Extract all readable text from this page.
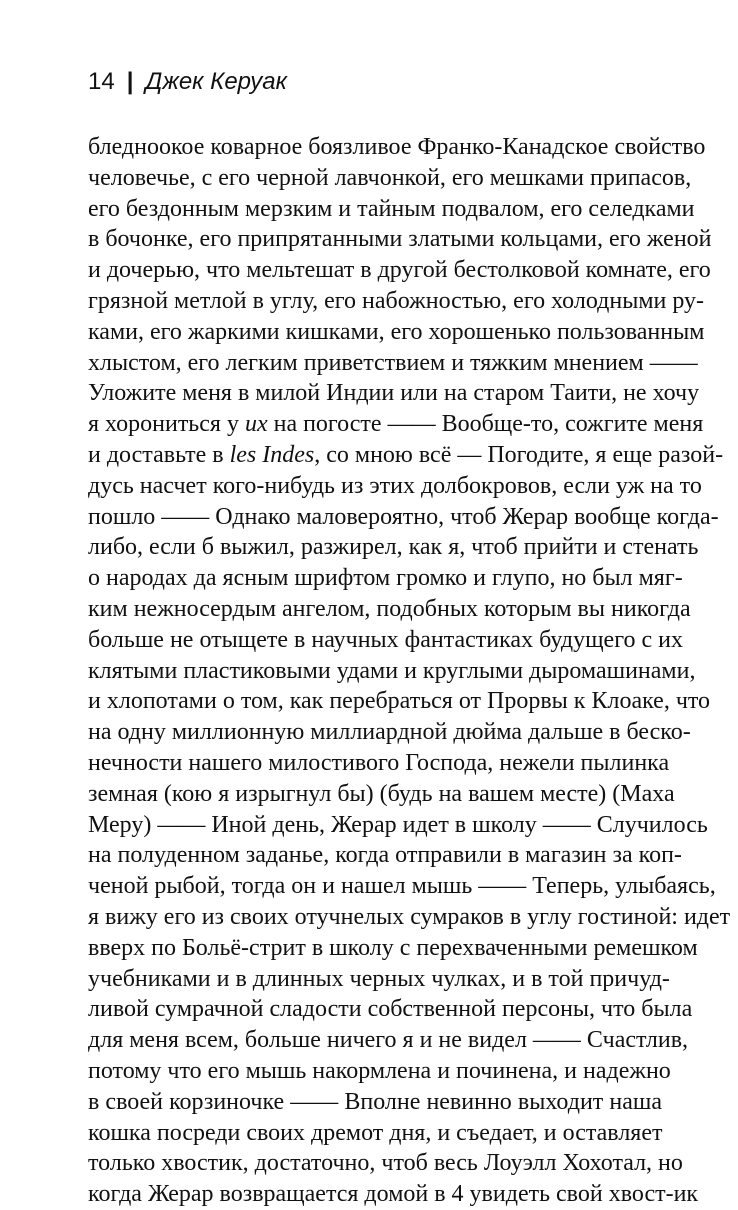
14 | Джек Керуак
бледноокое коварное боязливое Франко-Канадское свойство
человечье, с его черной лавчонкой, его мешками припасов,
его бездонным мерзким и тайным подвалом, его селедками
в бочонке, его припрятанными златыми кольцами, его женой
и дочерью, что мельтешат в другой бестолковой комнате, его
грязной метлой в углу, его набожностью, его холодными ру-
ками, его жаркими кишками, его хорошенько пользованным
хлыстом, его легким приветствием и тяжким мнением ——
Уложите меня в милой Индии или на старом Таити, не хочу
я хорониться у их на погосте —— Вообще-то, сожгите меня
и доставьте в les Indes, со мною всё — Погодите, я еще разой-
дусь насчет кого-нибудь из этих долбокровов, если уж на то
пошло —— Однако маловероятно, чтоб Жерар вообще когда-
либо, если б выжил, разжирел, как я, чтоб прийти и стенать
о народах да ясным шрифтом громко и глупо, но был мяг-
ким нежносердым ангелом, подобных которым вы никогда
больше не отыщете в научных фантастиках будущего с их
клятыми пластиковыми удами и круглыми дыромашинами,
и хлопотами о том, как перебраться от Прорвы к Клоаке, что
на одну миллионную миллиардной дюйма дальше в беско-
нечности нашего милостивого Господа, нежели пылинка
земная (кою я изрыгнул бы) (будь на вашем месте) (Маха
Меру) —— Иной день, Жерар идет в школу —— Случилось
на полуденном заданье, когда отправили в магазин за коп-
ченой рыбой, тогда он и нашел мышь —— Теперь, улыбаясь,
я вижу его из своих отучнелых сумраков в углу гостиной: идет
вверх по Больё-стрит в школу с перехваченными ремешком
учебниками и в длинных черных чулках, и в той причуд-
ливой сумрачной сладости собственной персоны, что была
для меня всем, больше ничего я и не видел —— Счастлив,
потому что его мышь накормлена и починена, и надежно
в своей корзиночке —— Вполне невинно выходит наша
кошка посреди своих дремот дня, и съедает, и оставляет
только хвостик, достаточно, чтоб весь Лоуэлл Хохотал, но
когда Жерар возвращается домой в 4 увидеть свой хвост-ик
